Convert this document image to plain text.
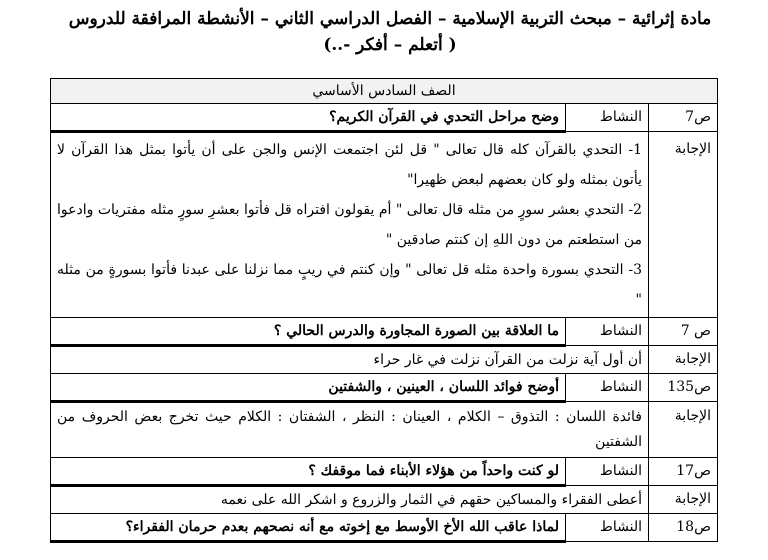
مادة إثرائية – مبحث التربية الإسلامية – الفصل الدراسي الثاني – الأنشطة المرافقة للدروس
( أتعلم – أفكر -..)
الصف السادس الأساسي
ص7	النشاط	وضح مراحل التحدي في القرآن الكريم؟
الإجابة	1- التحدي بالقرآن كله قال تعالى " قل لئن اجتمعت الإنس والجن على أن يأتوا بمثل هذا القرآن لا يأتون بمثله ولو كان بعضهم لبعض ظهيرا"

2- التحدي بعشر سورٍ من مثله قال تعالى " أم يقولون افتراه قل فأتوا بعشرِ سورٍ مثله مفتريات وادعوا من استطعتم من دون اللهِ إن كنتم صادقين "

3- التحدي بسورة واحدة مثله قل تعالى " وإن كنتم في ريبٍ مما نزلنا على عبدنا فأتوا بسورةٍ من مثله "	

ص 7	النشاط	ما العلاقة بين الصورة المجاورة والدرس الحالي ؟
الإجابة	أن أول آية نزلت من القرآن نزلت في غار حراء	
ص135	النشاط	أوضح فوائد اللسان ، العينين ، والشفتين
الإجابة	فائدة اللسان : التذوق – الكلام ، العينان : النظر ، الشفتان : الكلام حيث تخرج بعض الحروف من الشفتين	
ص17	النشاط	لو كنت واحداً من هؤلاء الأبناء فما موقفك ؟
الإجابة	أعطى الفقراء والمساكين حقهم في الثمار والزروع و اشكر الله على نعمه	
ص18	النشاط	لماذا عاقب الله الأخ الأوسط مع إخوته مع أنه نصحهم بعدم حرمان الفقراء؟
